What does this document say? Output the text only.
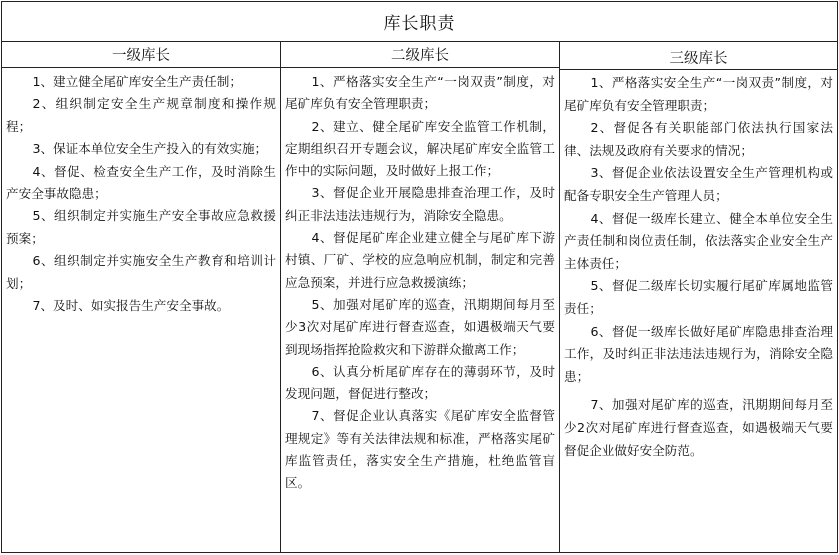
库长职责
一级库长

1、建立健全尾矿库安全生产责任制；

2、组织制定安全生产规章制度和操作规程；

3、保证本单位安全生产投入的有效实施；

4、督促、检查安全生产工作，及时消除生产安全事故隐患；

5、组织制定并实施生产安全事故应急救援预案；

6、组织制定并实施安全生产教育和培训计划；

7、及时、如实报告生产安全事故。

二级库长

1、严格落实安全生产“一岗双责”制度，对尾矿库负有安全管理职责；

2、建立、健全尾矿库安全监管工作机制，定期组织召开专题会议，解决尾矿库安全监管工作中的实际问题，及时做好上报工作；

3、督促企业开展隐患排查治理工作，及时纠正非法违法违规行为，消除安全隐患。

4、督促尾矿库企业建立健全与尾矿库下游村镇、厂矿、学校的应急响应机制，制定和完善应急预案，并进行应急救援演练；

5、加强对尾矿库的巡查，汛期期间每月至少3次对尾矿库进行督查巡查，如遇极端天气要到现场指挥抢险救灾和下游群众撤离工作；

6、认真分析尾矿库存在的薄弱环节，及时发现问题，督促进行整改；

7、督促企业认真落实《尾矿库安全监督管理规定》等有关法律法规和标准，严格落实尾矿库监管责任，落实安全生产措施，杜绝监管盲区。

三级库长

1、严格落实安全生产“一岗双责”制度，对尾矿库负有安全管理职责；

2、督促各有关职能部门依法执行国家法律、法规及政府有关要求的情况；

3、督促企业依法设置安全生产管理机构或配备专职安全生产管理人员；

4、督促一级库长建立、健全本单位安全生产责任制和岗位责任制，依法落实企业安全生产主体责任；

5、督促二级库长切实履行尾矿库属地监管责任；

6、督促一级库长做好尾矿库隐患排查治理工作，及时纠正非法违法违规行为，消除安全隐患；

7、加强对尾矿库的巡查，汛期期间每月至少2次对尾矿库进行督查巡查，如遇极端天气要督促企业做好安全防范。
